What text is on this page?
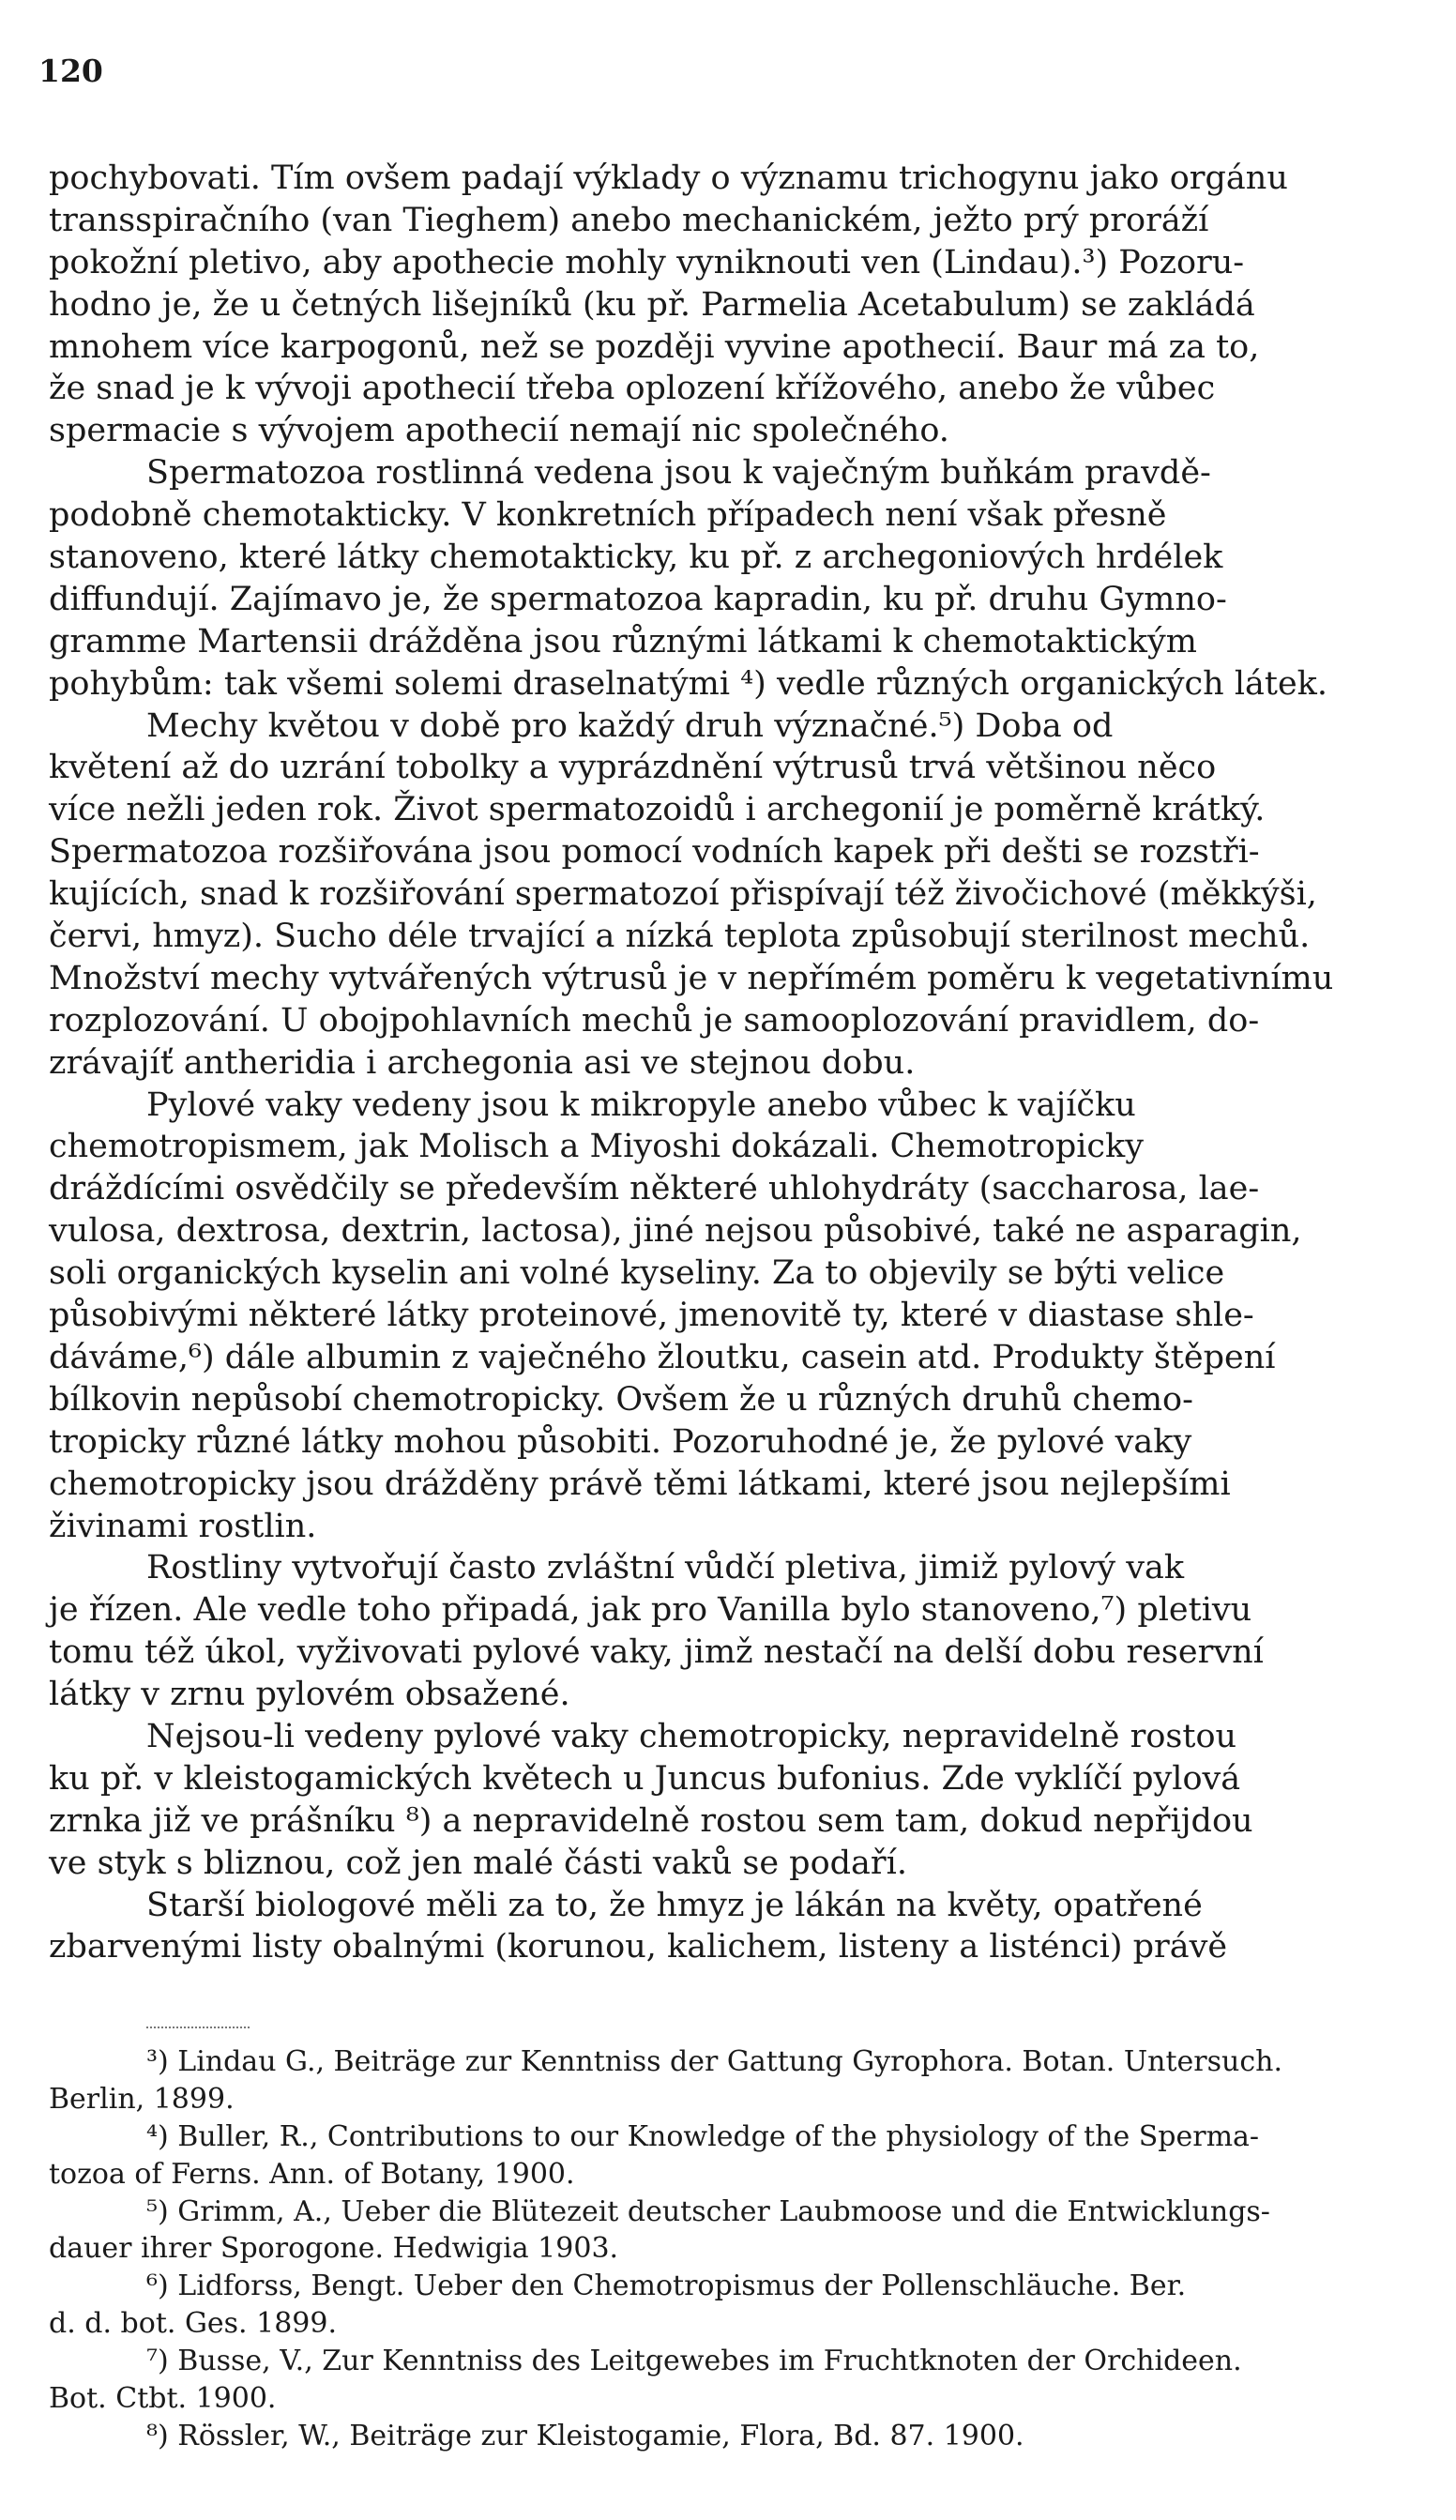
120
pochybovati. Tím ovšem padají výklady o významu trichogynu jako orgánu
transspiračního (van Tieghem) anebo mechanickém, ježto prý proráží
pokožní pletivo, aby apothecie mohly vyniknouti ven (Lindau).³) Pozoru-
hodno je, že u četných lišejníků (ku př. Parmelia Acetabulum) se zakládá
mnohem více karpogonů, než se později vyvine apothecií. Baur má za to,
že snad je k vývoji apothecií třeba oplození křížového, anebo že vůbec
spermacie s vývojem apothecií nemají nic společného.
Spermatozoa rostlinná vedena jsou k vaječným buňkám pravdě-
podobně chemotakticky. V konkretních případech není však přesně
stanoveno, které látky chemotakticky, ku př. z archegoniových hrdélek
diffundují. Zajímavo je, že spermatozoa kapradin, ku př. druhu Gymno-
gramme Martensii drážděna jsou různými látkami k chemotaktickým
pohybům: tak všemi solemi draselnatými ⁴) vedle různých organických látek.
Mechy květou v době pro každý druh význačné.⁵) Doba od
květení až do uzrání tobolky a vyprázdnění výtrusů trvá většinou něco
více nežli jeden rok. Život spermatozoidů i archegonií je poměrně krátký.
Spermatozoa rozšiřována jsou pomocí vodních kapek při dešti se rozstři-
kujících, snad k rozšiřování spermatozoí přispívají též živočichové (měkkýši,
červi, hmyz). Sucho déle trvající a nízká teplota způsobují sterilnost mechů.
Množství mechy vytvářených výtrusů je v nepřímém poměru k vegetativnímu
rozplozování. U obojpohlavních mechů je samooplozování pravidlem, do-
zrávajíť antheridia i archegonia asi ve stejnou dobu.
Pylové vaky vedeny jsou k mikropyle anebo vůbec k vajíčku
chemotropismem, jak Molisch a Miyoshi dokázali. Chemotropicky
dráždícími osvědčily se především některé uhlohydráty (saccharosa, lae-
vulosa, dextrosa, dextrin, lactosa), jiné nejsou působivé, také ne asparagin,
soli organických kyselin ani volné kyseliny. Za to objevily se býti velice
působivými některé látky proteinové, jmenovitě ty, které v diastase shle-
dáváme,⁶) dále albumin z vaječného žloutku, casein atd. Produkty štěpení
bílkovin nepůsobí chemotropicky. Ovšem že u různých druhů chemo-
tropicky různé látky mohou působiti. Pozoruhodné je, že pylové vaky
chemotropicky jsou drážděny právě těmi látkami, které jsou nejlepšími
živinami rostlin.
Rostliny vytvořují často zvláštní vůdčí pletiva, jimiž pylový vak
je řízen. Ale vedle toho připadá, jak pro Vanilla bylo stanoveno,⁷) pletivu
tomu též úkol, vyživovati pylové vaky, jimž nestačí na delší dobu reservní
látky v zrnu pylovém obsažené.
Nejsou-li vedeny pylové vaky chemotropicky, nepravidelně rostou
ku př. v kleistogamických květech u Juncus bufonius. Zde vyklíčí pylová
zrnka již ve prášníku ⁸) a nepravidelně rostou sem tam, dokud nepřijdou
ve styk s bliznou, což jen malé části vaků se podaří.
Starší biologové měli za to, že hmyz je lákán na květy, opatřené
zbarvenými listy obalnými (korunou, kalichem, listeny a listénci) právě
³) Lindau G., Beiträge zur Kenntniss der Gattung Gyrophora. Botan. Untersuch.
Berlin, 1899.
⁴) Buller, R., Contributions to our Knowledge of the physiology of the Sperma-
tozoa of Ferns. Ann. of Botany, 1900.
⁵) Grimm, A., Ueber die Blütezeit deutscher Laubmoose und die Entwicklungs-
dauer ihrer Sporogone. Hedwigia 1903.
⁶) Lidforss, Bengt. Ueber den Chemotropismus der Pollenschläuche. Ber.
d. d. bot. Ges. 1899.
⁷) Busse, V., Zur Kenntniss des Leitgewebes im Fruchtknoten der Orchideen.
Bot. Ctbt. 1900.
⁸) Rössler, W., Beiträge zur Kleistogamie, Flora, Bd. 87. 1900.
